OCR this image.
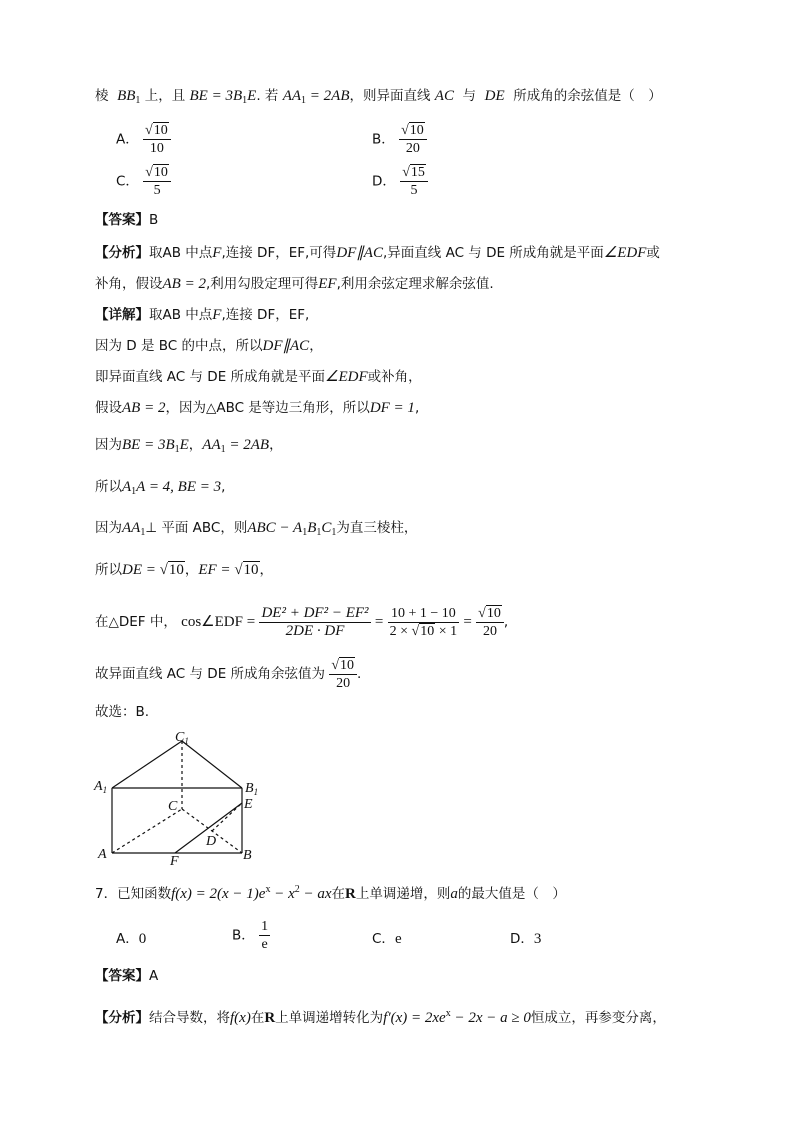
棱 $BB_1$ 上，且 BE = $3B_1E$. 若 $AA_1 = 2AB$，则异面直线 AC 与 DE 所成角的余弦值是（　）
A． $\frac{√10}{10}$	B． $\frac{√10}{20}$
C． $\frac{√10}{5}$	D． $\frac{√15}{5}$
【答案】B
【分析】取AB 中点F,连接 DF，EF,可得DF∥AC,异面直线 AC 与 DE 所成角就是平面∠EDF或
补角，假设AB = 2,利用勾股定理可得EF,利用余弦定理求解余弦值.
【详解】取AB 中点F,连接 DF，EF,
因为 D 是 BC 的中点，所以DF∥AC，
即异面直线 AC 与 DE 所成角就是平面∠EDF或补角，
假设AB = 2，因为△ABC 是等边三角形，所以DF = 1,
因为BE = $3B_1E$，$AA_1 = 2AB$，
所以$A_1A = 4$, BE = 3,
因为$AA_1\perp$ 平面 ABC，则ABC − $A_1B_1C_1$为直三棱柱，
所以DE = √10，EF = √10，
在△DEF 中， cos∠EDF = $\frac{\text{DE² + DF² − EF²}}{2DE \cdot DF} = \frac{10 + 1 - 10}{2 \times √10 \times 1} = \frac{√10}{20}$ ,
故异面直线 AC 与 DE 所成角余弦值为 $\frac{√10}{20}$ .
故选：B.
$C_1$
$A_1$	$B_1$
C	E
D
A	B
F
7．已知函数$f(x) = 2(x - 1)e^x - x^2$ − ax在R上单调递增，则a的最大值是（　）
A．0	B． $\frac{1}{e}$	C．e	D．3
【答案】A
【分析】结合导数，将f(x)在R上单调递增转化为$f'(x) = 2xe^x - 2x - a \ge 0$恒成立，再参变分离，
